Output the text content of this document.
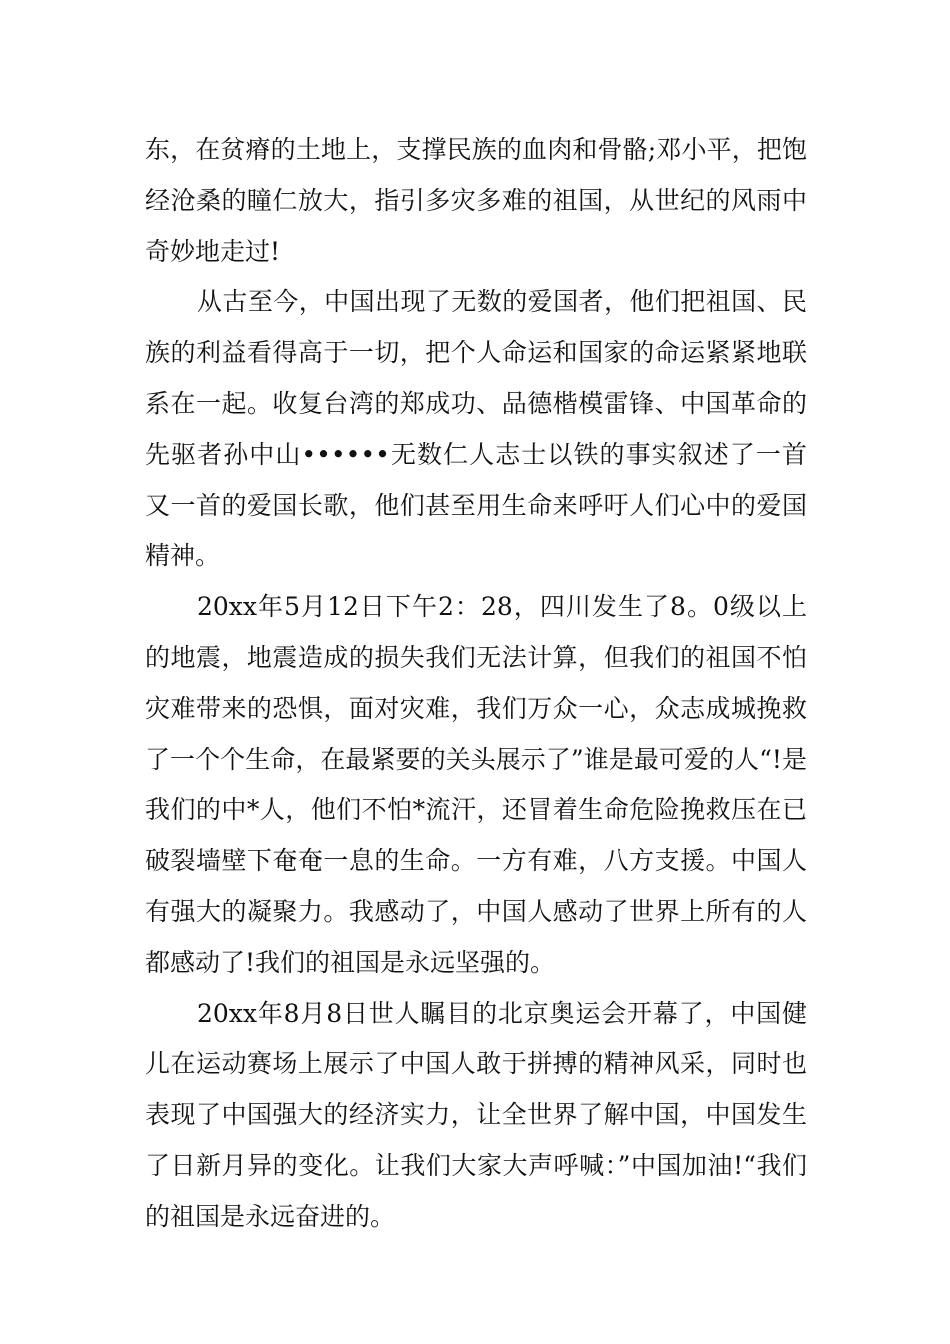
东，在贫瘠的土地上，支撑民族的血肉和骨骼;邓小平，把饱经沧桑的瞳仁放大，指引多灾多难的祖国，从世纪的风雨中奇妙地走过!

从古至今，中国出现了无数的爱国者，他们把祖国、民族的利益看得高于一切，把个人命运和国家的命运紧紧地联系在一起。收复台湾的郑成功、品德楷模雷锋、中国革命的先驱者孙中山••••••无数仁人志士以铁的事实叙述了一首又一首的爱国长歌，他们甚至用生命来呼吁人们心中的爱国精神。

20xx年5月12日下午2：28，四川发生了8。0级以上的地震，地震造成的损失我们无法计算，但我们的祖国不怕灾难带来的恐惧，面对灾难，我们万众一心，众志成城挽救了一个个生命，在最紧要的关头展示了”谁是最可爱的人“!是我们的中*人，他们不怕*流汗，还冒着生命危险挽救压在已破裂墙壁下奄奄一息的生命。一方有难，八方支援。中国人有强大的凝聚力。我感动了，中国人感动了世界上所有的人都感动了!我们的祖国是永远坚强的。

20xx年8月8日世人瞩目的北京奥运会开幕了，中国健儿在运动赛场上展示了中国人敢于拼搏的精神风采，同时也表现了中国强大的经济实力，让全世界了解中国，中国发生了日新月异的变化。让我们大家大声呼喊：”中国加油!“我们的祖国是永远奋进的。
